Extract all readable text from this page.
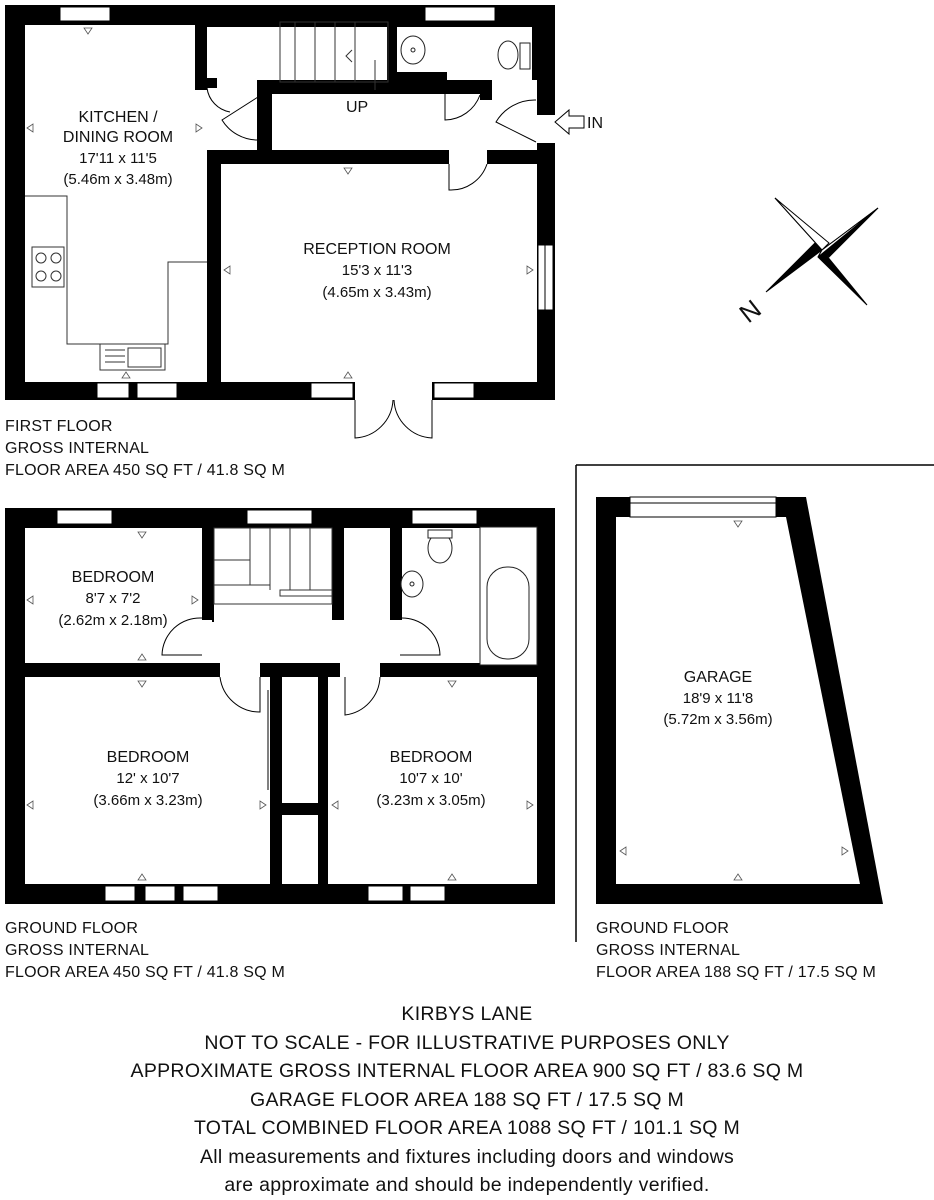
KITCHEN /
DINING ROOM
17'11 x 11'5
(5.46m x 3.48m)
RECEPTION ROOM
15'3 x 11'3
(4.65m x 3.43m)
UP
IN
N
BEDROOM
8'7 x 7'2
(2.62m x 2.18m)
BEDROOM
12' x 10'7
(3.66m x 3.23m)
BEDROOM
10'7 x 10'
(3.23m x 3.05m)
GARAGE
18'9 x 11'8
(5.72m x 3.56m)
FIRST FLOOR
GROSS INTERNAL
FLOOR AREA 450 SQ FT / 41.8 SQ M
GROUND FLOOR
GROSS INTERNAL
FLOOR AREA 450 SQ FT / 41.8 SQ M
GROUND FLOOR
GROSS INTERNAL
FLOOR AREA 188 SQ FT / 17.5 SQ M
KIRBYS LANE
NOT TO SCALE - FOR ILLUSTRATIVE PURPOSES ONLY
APPROXIMATE GROSS INTERNAL FLOOR AREA 900 SQ FT / 83.6 SQ M
GARAGE FLOOR AREA 188 SQ FT / 17.5 SQ M
TOTAL COMBINED FLOOR AREA 1088 SQ FT / 101.1 SQ M
All measurements and fixtures including doors and windows
are approximate and should be independently verified.
